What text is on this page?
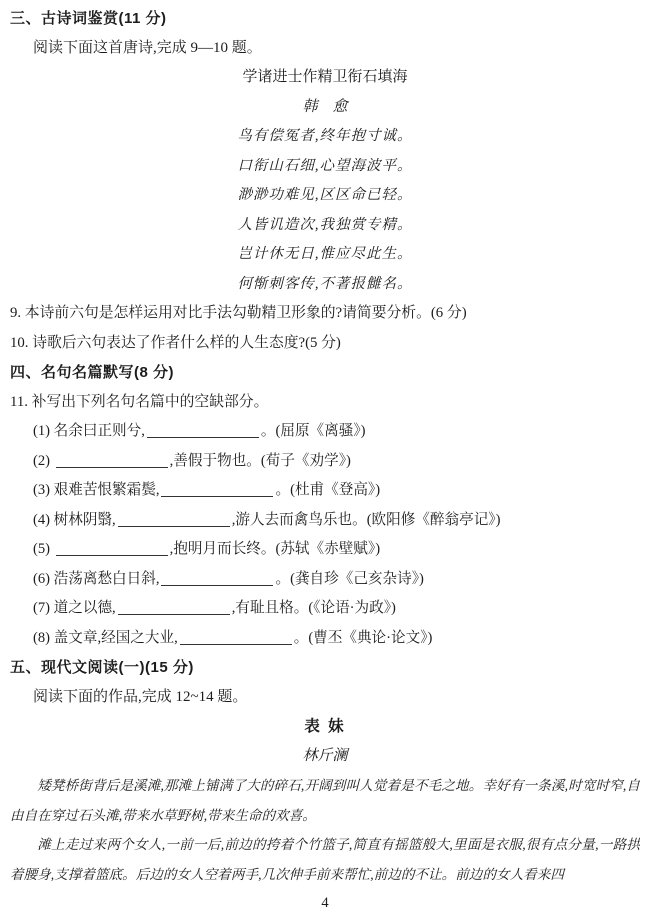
三、古诗词鉴赏(11 分)
阅读下面这首唐诗,完成 9—10 题。
学诸进士作精卫衔石填海
韩　愈
鸟有偿冤者,终年抱寸诚。
口衔山石细,心望海波平。
渺渺功难见,区区命已轻。
人皆讥造次,我独赏专精。
岂计休无日,惟应尽此生。
何惭刺客传,不著报雠名。
9. 本诗前六句是怎样运用对比手法勾勒精卫形象的?请简要分析。(6 分)
10. 诗歌后六句表达了作者什么样的人生态度?(5 分)
四、名句名篇默写(8 分)
11. 补写出下列名句名篇中的空缺部分。
(1) 名余曰正则兮,	。(屈原《离骚》)
(2)	,善假于物也。(荀子《劝学》)
(3) 艰难苦恨繁霜鬓,	。(杜甫《登高》)
(4) 树林阴翳,	,游人去而禽鸟乐也。(欧阳修《醉翁亭记》)
(5)	,抱明月而长终。(苏轼《赤壁赋》)
(6) 浩荡离愁白日斜,	。(龚自珍《己亥杂诗》)
(7) 道之以德,	,有耻且格。(《论语·为政》)
(8) 盖文章,经国之大业,	。(曹丕《典论·论文》)
五、现代文阅读(一)(15 分)
阅读下面的作品,完成 12~14 题。
表 妹
林斤澜
矮凳桥街背后是溪滩,那滩上铺满了大的碎石,开阔到叫人觉着是不毛之地。幸好有一条溪,时宽时窄,自由自在穿过石头滩,带来水草野树,带来生命的欢喜。
滩上走过来两个女人,一前一后,前边的挎着个竹篮子,简直有摇篮般大,里面是衣服,很有点分量,一路拱着腰身,支撑着篮底。后边的女人空着两手,几次伸手前来帮忙,前边的不让。前边的女人看来四
4
